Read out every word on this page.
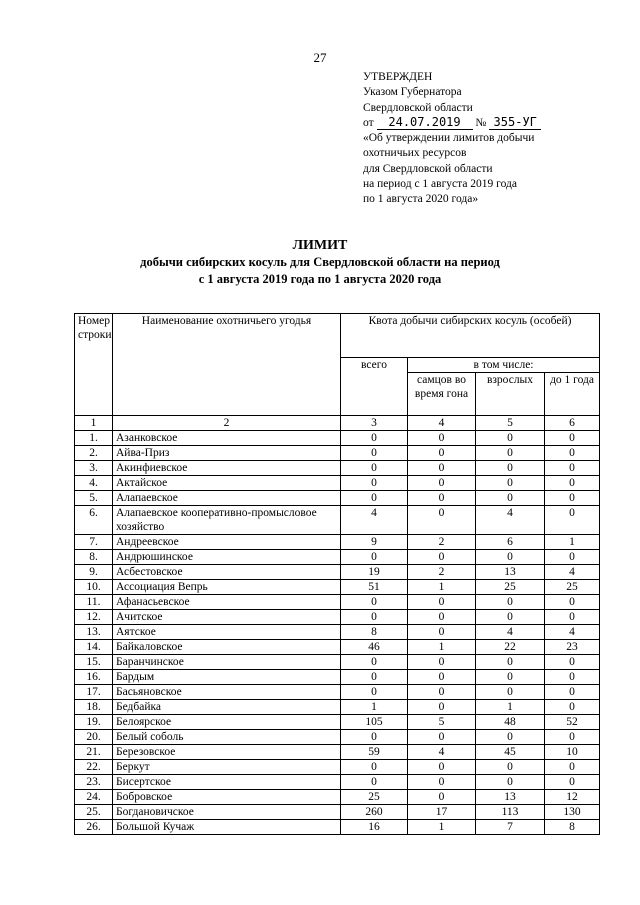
27
УТВЕРЖДЕН
Указом Губернатора
Свердловской области
от 24.07.2019 № 355-УГ
«Об утверждении лимитов добычи
охотничьих ресурсов
для Свердловской области
на период с 1 августа 2019 года
по 1 августа 2020 года»
ЛИМИТ
добычи сибирских косуль для Свердловской области на период
с 1 августа 2019 года по 1 августа 2020 года
Номер строки	Наименование охотничьего угодья	Квота добычи сибирских косуль (особей)			
		всего	в том числе:		
			самцов во время гона	взрослых	до 1 года
1	2	3	4	5	6
1.	Азанковское	0	0	0	0
2.	Айва-Приз	0	0	0	0
3.	Акинфиевское	0	0	0	0
4.	Актайское	0	0	0	0
5.	Алапаевское	0	0	0	0
6.	Алапаевское кооперативно-промысловое хозяйство	4	0	4	0
7.	Андреевское	9	2	6	1
8.	Андрюшинское	0	0	0	0
9.	Асбестовское	19	2	13	4
10.	Ассоциация Вепрь	51	1	25	25
11.	Афанасьевское	0	0	0	0
12.	Ачитское	0	0	0	0
13.	Аятское	8	0	4	4
14.	Байкаловское	46	1	22	23
15.	Баранчинское	0	0	0	0
16.	Бардым	0	0	0	0
17.	Басьяновское	0	0	0	0
18.	Бедбайка	1	0	1	0
19.	Белоярское	105	5	48	52
20.	Белый соболь	0	0	0	0
21.	Березовское	59	4	45	10
22.	Беркут	0	0	0	0
23.	Бисертское	0	0	0	0
24.	Бобровское	25	0	13	12
25.	Богдановичское	260	17	113	130
26.	Большой Кучаж	16	1	7	8
